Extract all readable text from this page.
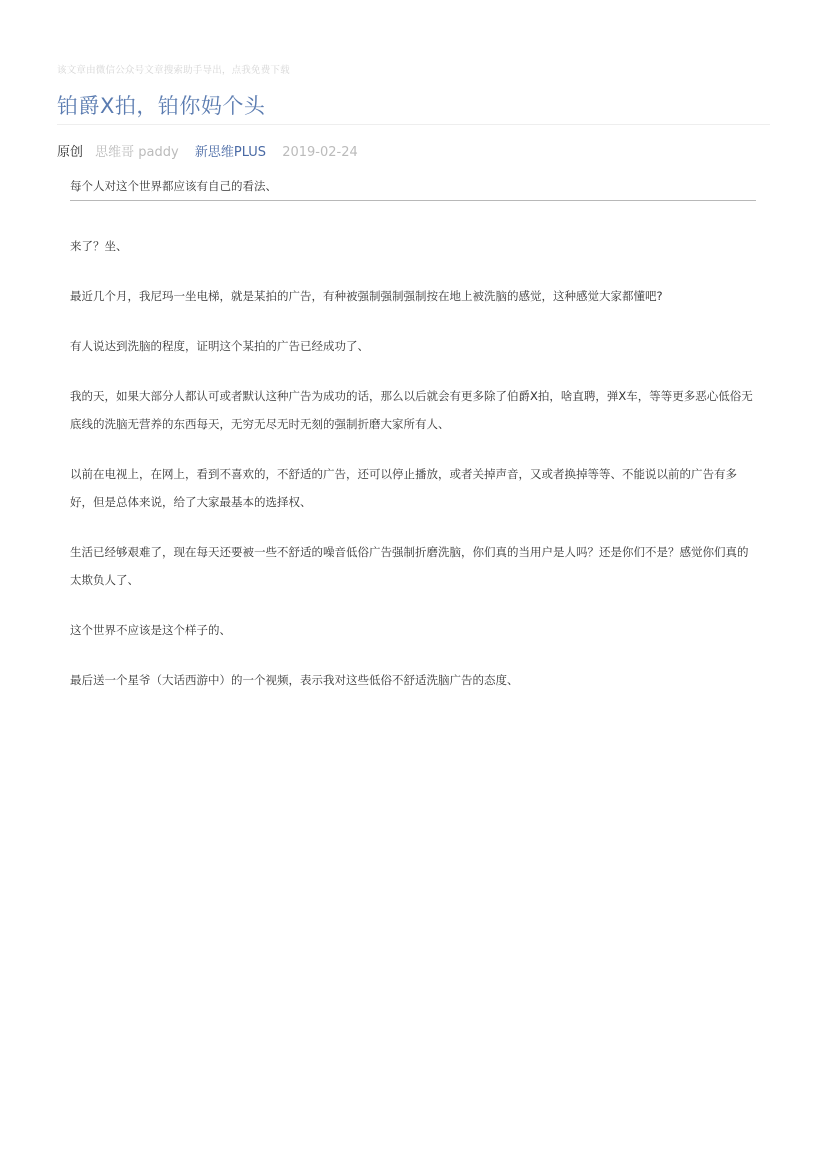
该文章由微信公众号文章搜索助手导出，点我免费下载
铂爵X拍，铂你妈个头
原创 思维哥 paddy 新思维PLUS 2019-02-24
每个人对这个世界都应该有自己的看法、

来了？坐、

最近几个月，我尼玛一坐电梯，就是某拍的广告，有种被强制强制强制按在地上被洗脑的感觉，这种感觉大家都懂吧?

有人说达到洗脑的程度，证明这个某拍的广告已经成功了、

我的天，如果大部分人都认可或者默认这种广告为成功的话，那么以后就会有更多除了伯爵X拍，啥直聘，弹X车，等等更多恶心低俗无底线的洗脑无营养的东西每天，无穷无尽无时无刻的强制折磨大家所有人、

以前在电视上，在网上，看到不喜欢的，不舒适的广告，还可以停止播放，或者关掉声音，又或者换掉等等、不能说以前的广告有多好，但是总体来说，给了大家最基本的选择权、

生活已经够艰难了，现在每天还要被一些不舒适的噪音低俗广告强制折磨洗脑，你们真的当用户是人吗？还是你们不是？感觉你们真的太欺负人了、

这个世界不应该是这个样子的、

最后送一个星爷（大话西游中）的一个视频，表示我对这些低俗不舒适洗脑广告的态度、
